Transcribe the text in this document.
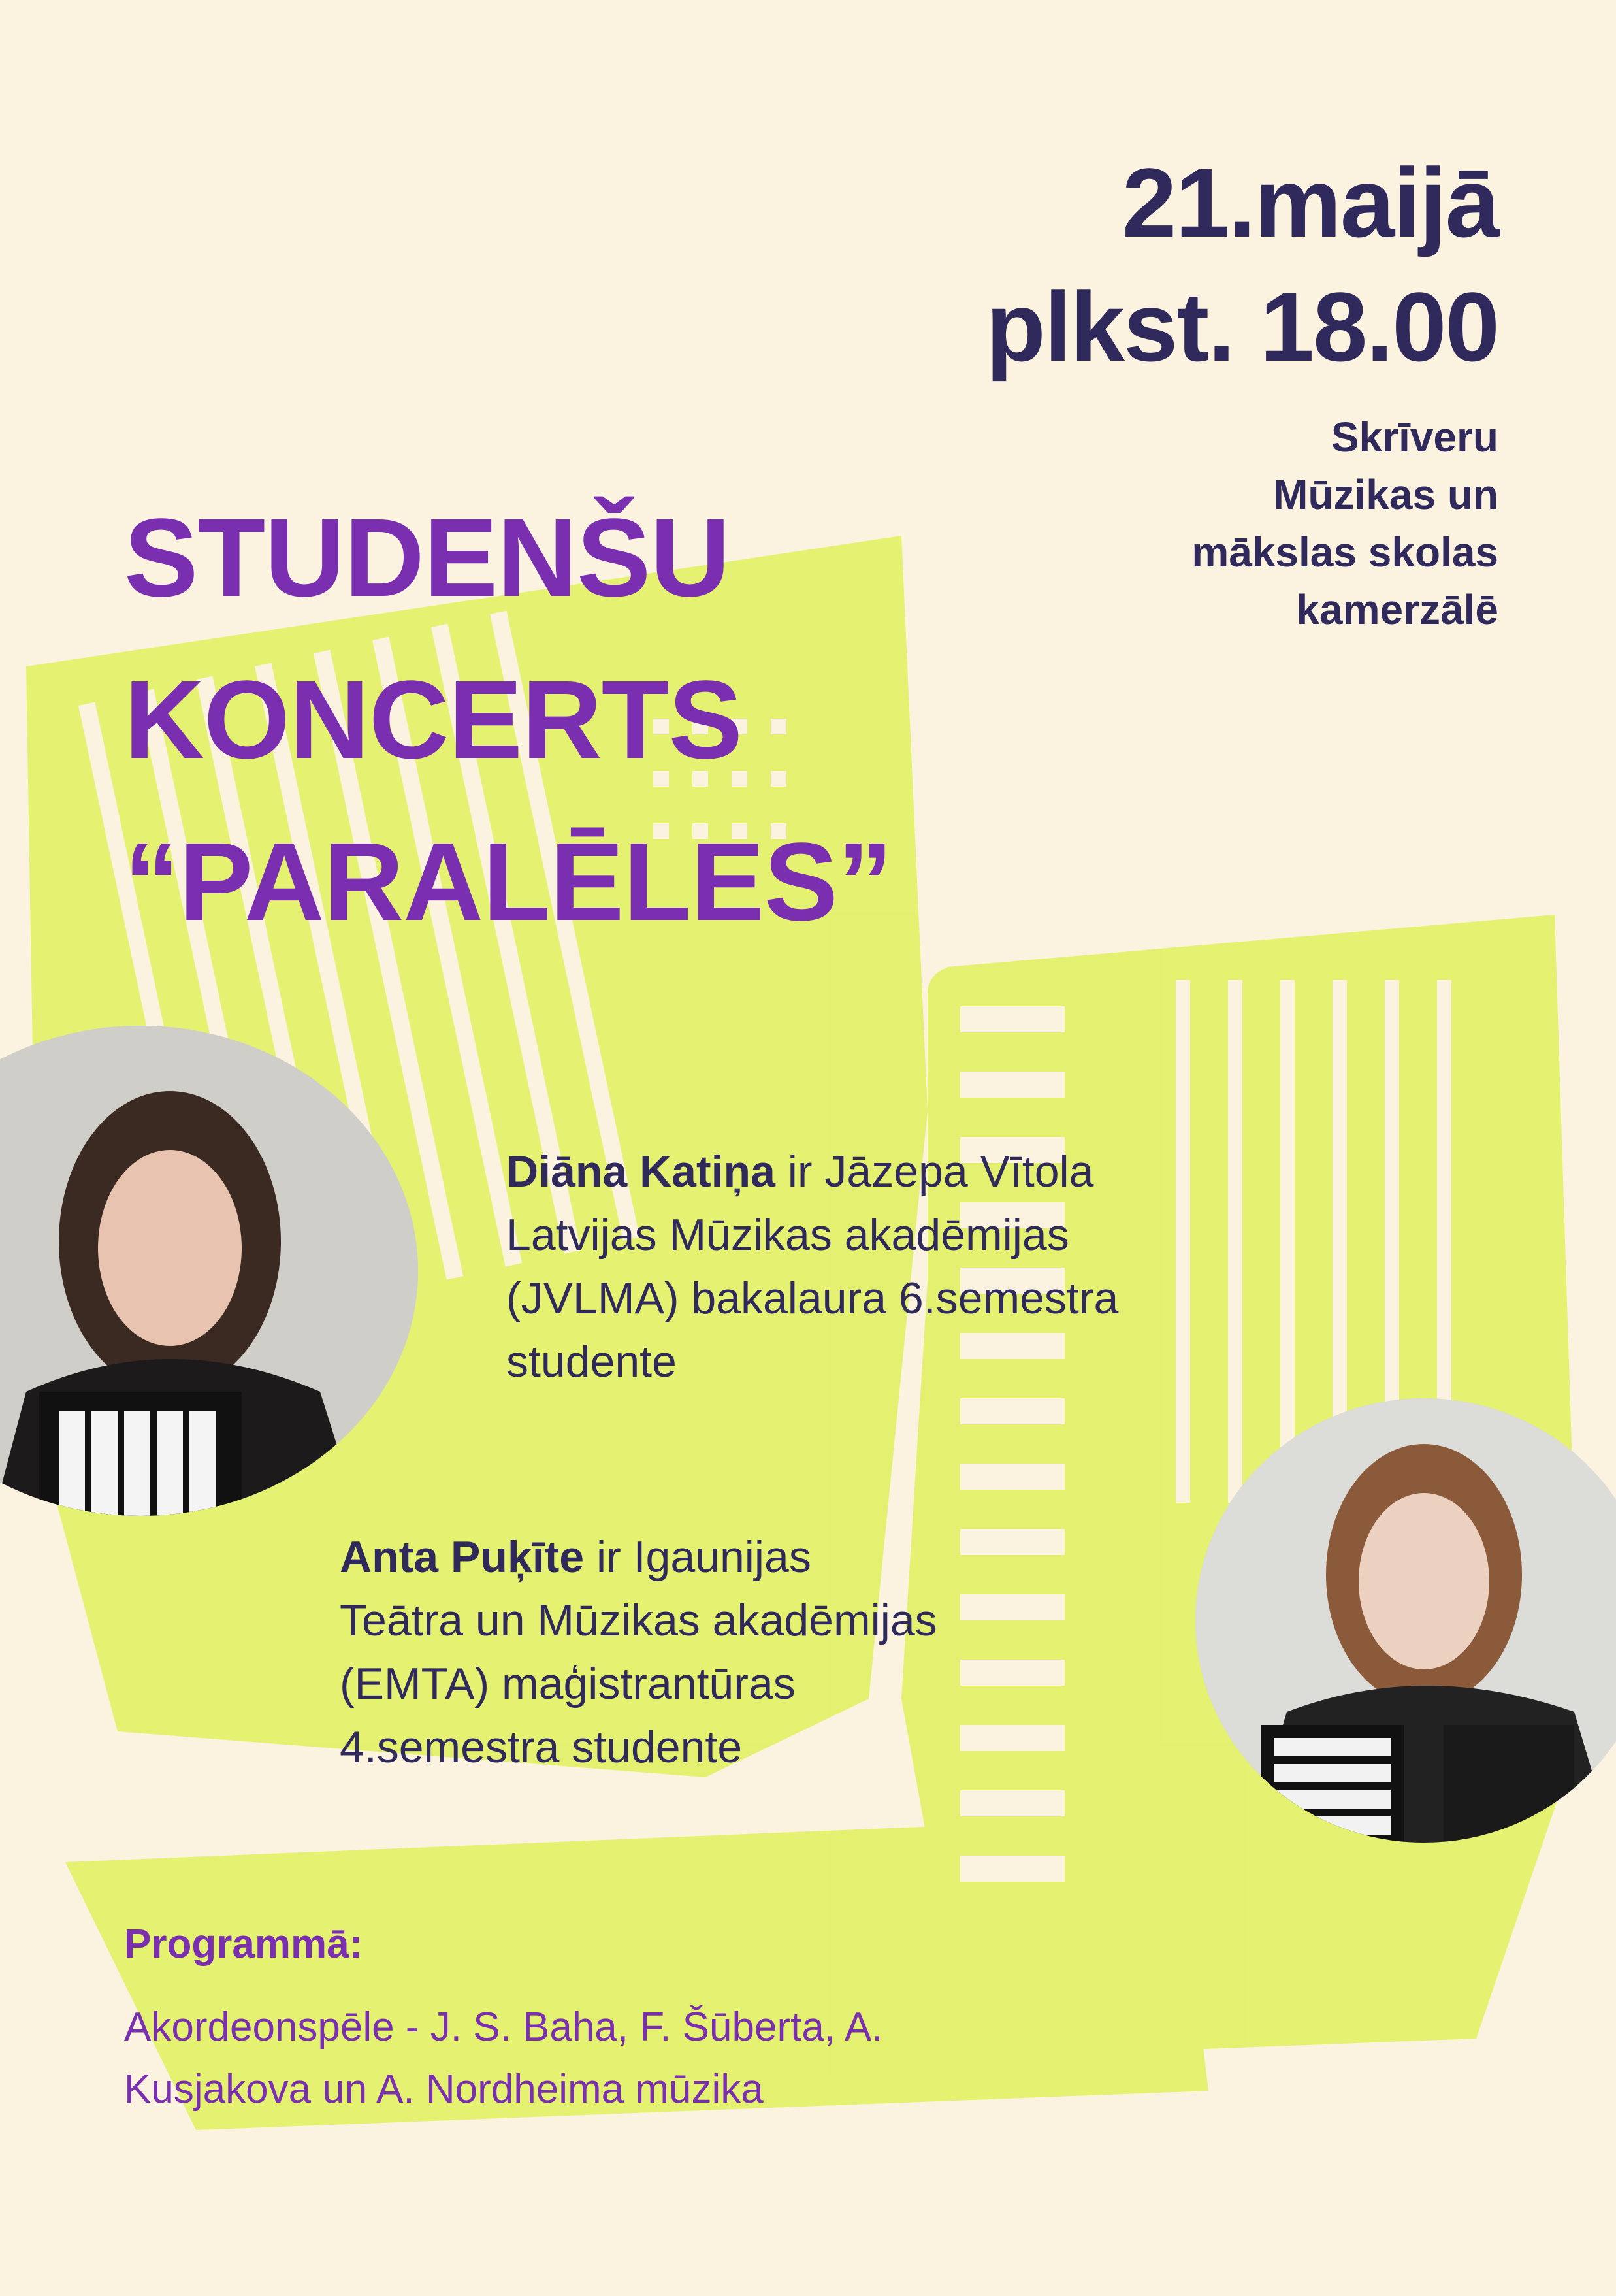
21.maijā
plkst. 18.00
Skrīveru
Mūzikas un
mākslas skolas
kamerzālē
STUDENŠU
KONCERTS
“PARALĒLES”
Diāna Katiņa ir Jāzepa Vītola
Latvijas Mūzikas akadēmijas
(JVLMA) bakalaura 6.semestra
studente
Anta Puķīte ir Igaunijas
Teātra un Mūzikas akadēmijas
(EMTA) maģistrantūras
4.semestra studente
Programmā:
Akordeonspēle - J. S. Baha, F. Šūberta, A.
Kusjakova un A. Nordheima mūzika
